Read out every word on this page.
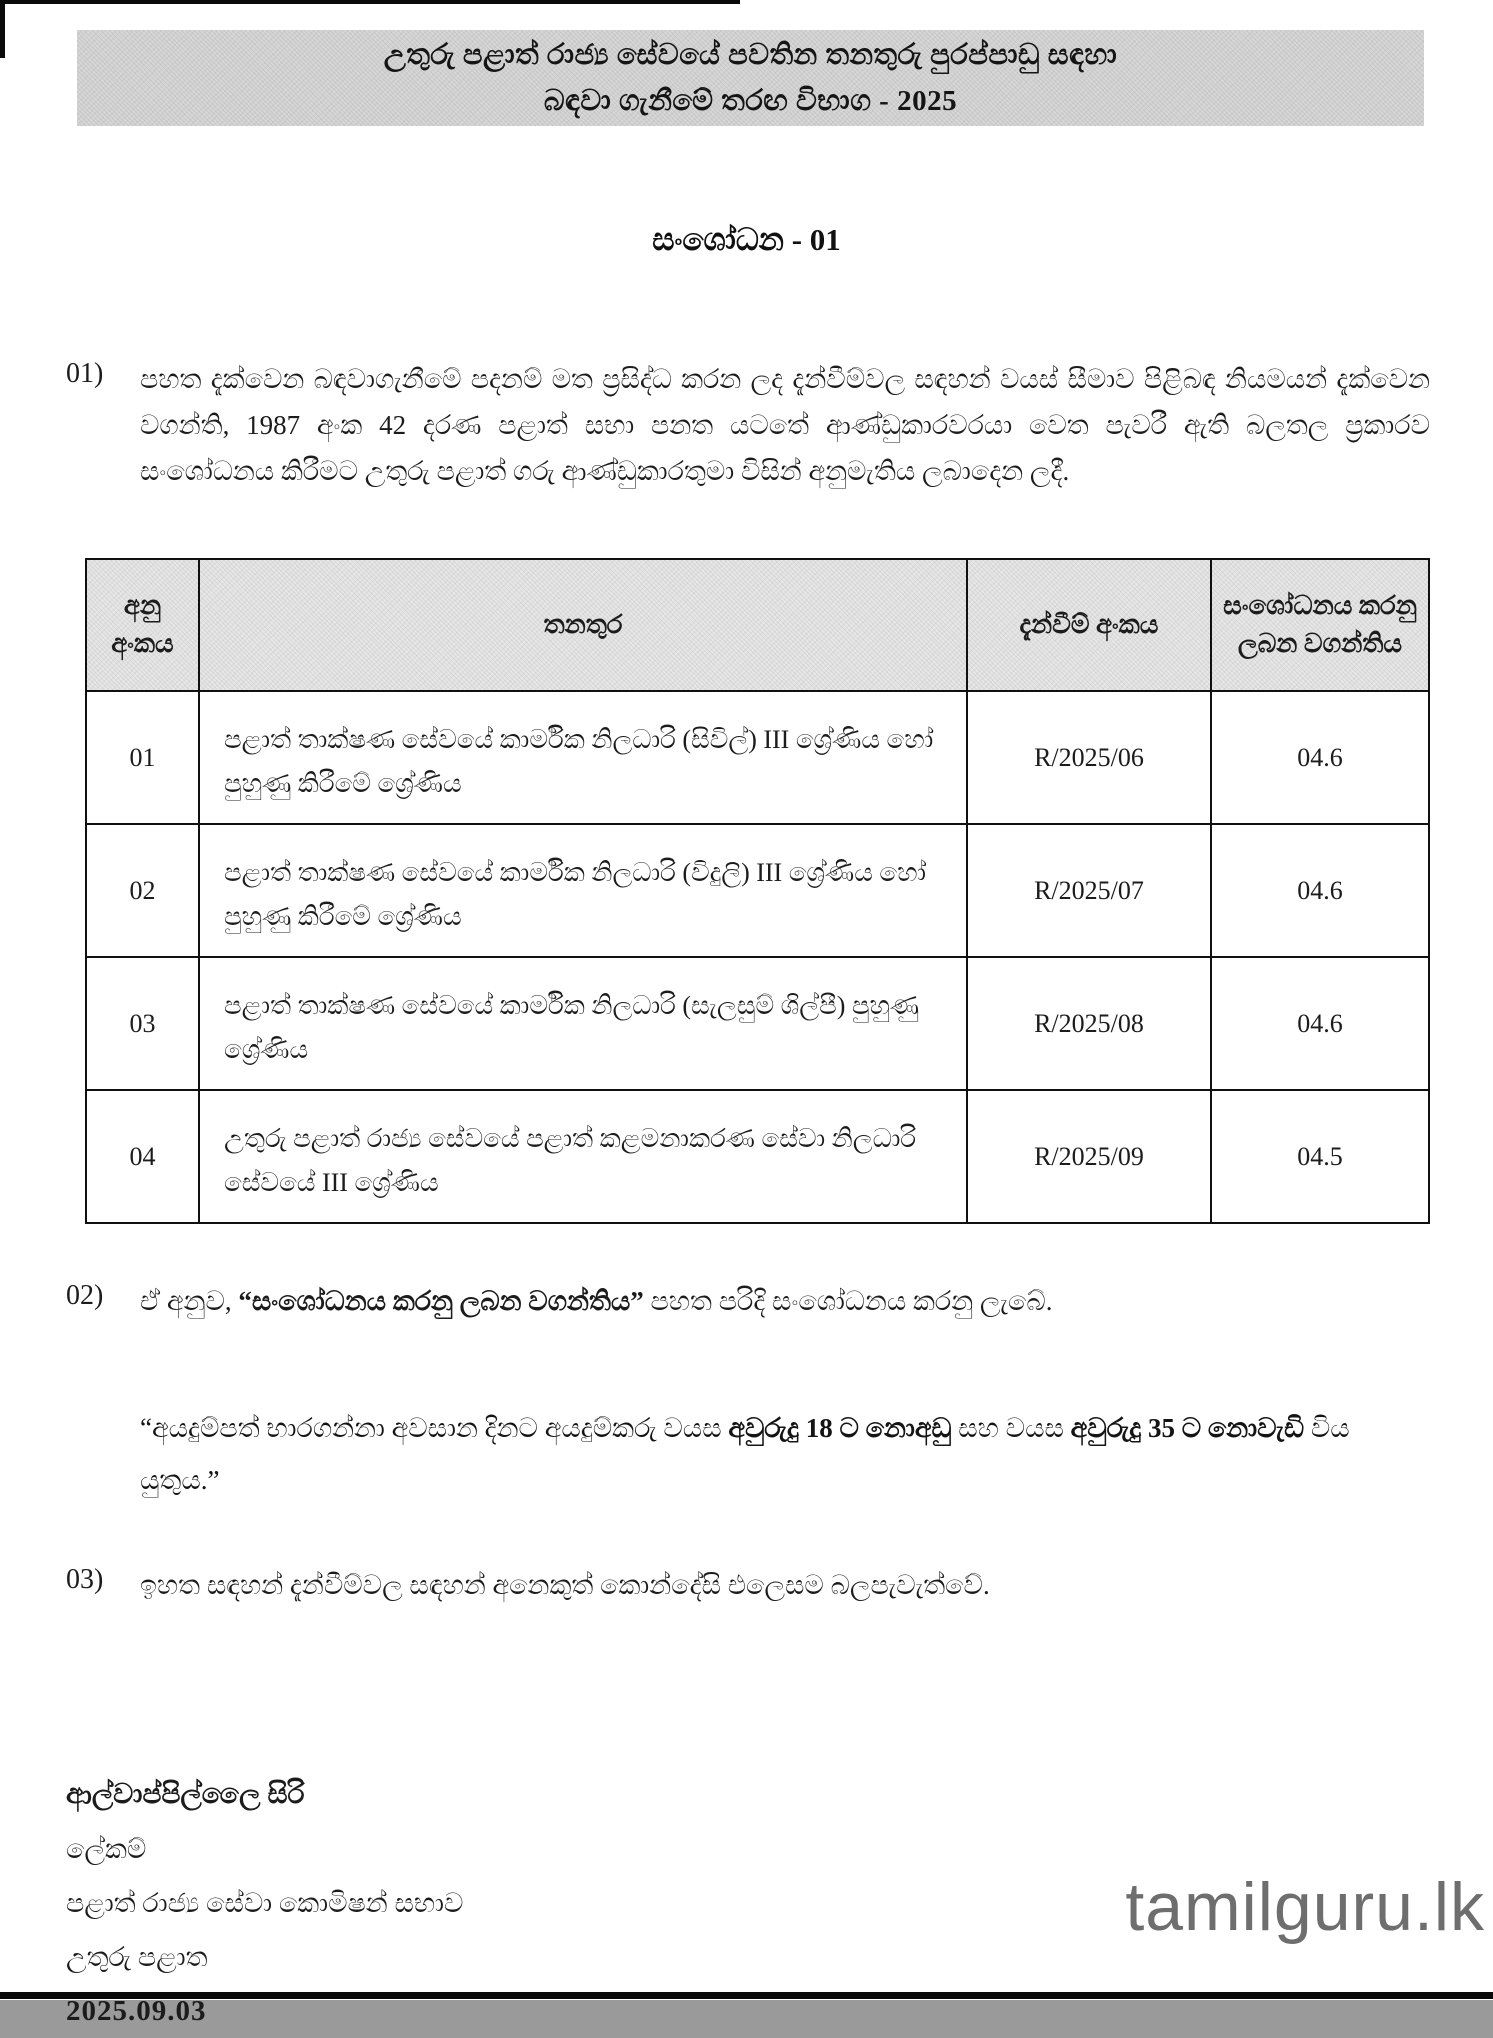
උතුරු පළාත් රාජ්‍ය සේවයේ පවතින තනතුරු පුරප්පාඩු සඳහා
බඳවා ගැනීමේ තරඟ විභාග - 2025
සංශෝධන - 01
01) පහත දැක්වෙන බඳවාගැනීමේ පදනම් මත ප්‍රසිද්ධ කරන ලද දැන්වීම්වල සඳහන් වයස් සීමාව පිළිබඳ නියමයන් දැක්වෙන වගන්ති, 1987 අංක 42 දරණ පළාත් සභා පනත යටතේ ආණ්ඩුකාරවරයා වෙත පැවරී ඇති බලතල ප්‍රකාරව සංශෝධනය කිරීමට උතුරු පළාත් ගරු ආණ්ඩුකාරතුමා විසින් අනුමැතිය ලබාදෙන ලදී.
අනු අංකය	තනතුර	දැන්වීම් අංකය	සංශෝධනය කරනු ලබන වගන්තිය
01	පළාත් තාක්ෂණ සේවයේ කාර්මික නිලධාරි (සිවිල්) III ශ්‍රේණිය හෝ පුහුණු කිරීමේ ශ්‍රේණිය	R/2025/06	04.6
02	පළාත් තාක්ෂණ සේවයේ කාර්මික නිලධාරි (විදුලි) III ශ්‍රේණිය හෝ පුහුණු කිරීමේ ශ්‍රේණිය	R/2025/07	04.6
03	පළාත් තාක්ෂණ සේවයේ කාර්මික නිලධාරි (සැලසුම් ශිල්පී) පුහුණු ශ්‍රේණිය	R/2025/08	04.6
04	උතුරු පළාත් රාජ්‍ය සේවයේ පළාත් කළමනාකරණ සේවා නිලධාරි සේවයේ III ශ්‍රේණිය	R/2025/09	04.5
02) ඒ අනුව, “සංශෝධනය කරනු ලබන වගන්තිය” පහත පරිදි සංශෝධනය කරනු ලැබේ.
“අයදුම්පත් භාරගන්නා අවසාන දිනට අයදුම්කරු වයස අවුරුදු 18 ට නොඅඩු සහ වයස අවුරුදු 35 ට නොවැඩි විය යුතුය.”
03) ඉහත සඳහන් දැන්වීම්වල සඳහන් අනෙකුත් කොන්දේසි එලෙසම බලපැවැත්වේ.
ආල්වාප්පිල්ලෛ සිරි
ලේකම්
පළාත් රාජ්‍ය සේවා කොමිෂන් සභාව
උතුරු පළාත
2025.09.03
tamilguru.lk
